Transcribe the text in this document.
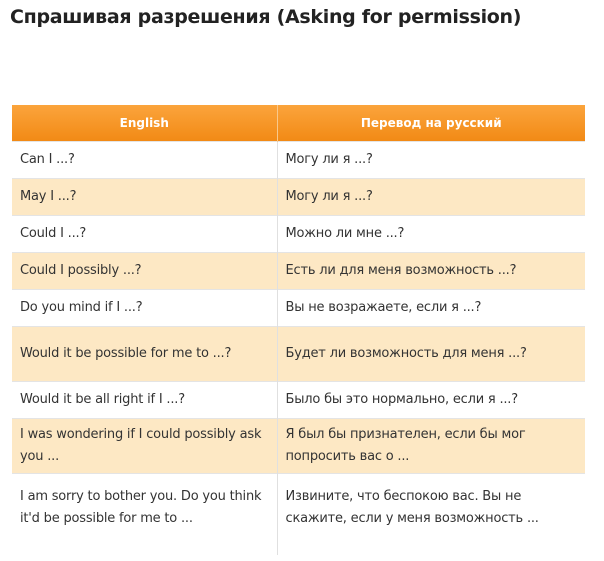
Спрашивая разрешения (Asking for permission)
English	Перевод на русский
Can I ...?	Могу ли я ...?
May I ...?	Могу ли я ...?
Could I ...?	Можно ли мне ...?
Could I possibly ...?	Есть ли для меня возможность ...?
Do you mind if I ...?	Вы не возражаете, если я ...?
Would it be possible for me to ...?	Будет ли возможность для меня ...?
Would it be all right if I ...?	Было бы это нормально, если я ...?
I was wondering if I could possibly ask you ...	Я был бы признателен, если бы мог попросить вас о ...
I am sorry to bother you. Do you think it'd be possible for me to ...	Извините, что беспокою вас. Вы не скажите, если у меня возможность ...
